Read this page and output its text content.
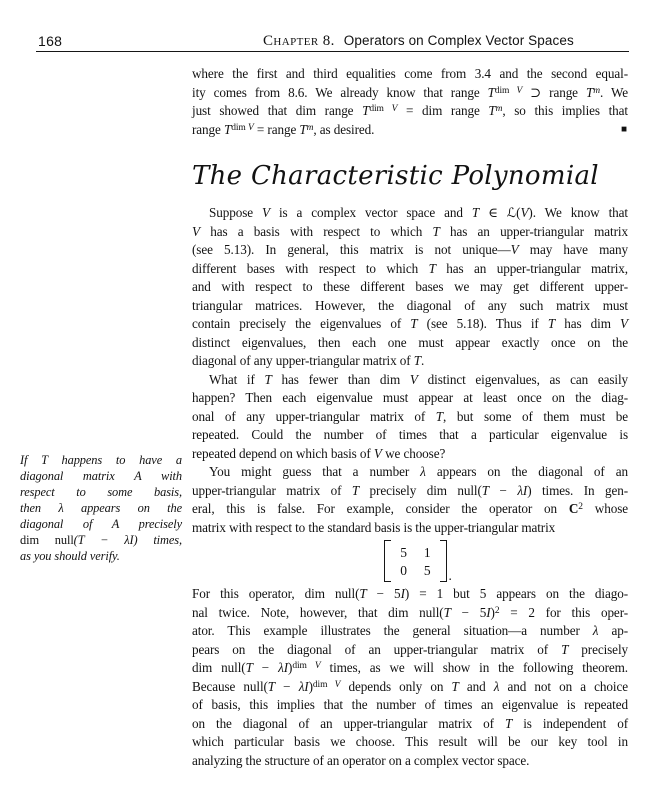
168	Chapter 8. Operators on Complex Vector Spaces
If T happens to have a
diagonal matrix A with
respect to some basis,
then λ appears on the
diagonal of A precisely
dim null(T − λI) times,
as you should verify.
where the first and third equalities come from 3.4 and the second equal-
ity comes from 8.6. We already know that range $T^{dim V}$ ⊃ range $T^m$. We
just showed that dim range $T^{dim V}$ = dim range $T^m$, so this implies that
range $T^{dim V}$ = range $T^m$, as desired.	■
The Characteristic Polynomial
Suppose V is a complex vector space and T ∈ ℒ(V). We know that
V has a basis with respect to which T has an upper-triangular matrix
(see 5.13). In general, this matrix is not unique—V may have many
different bases with respect to which T has an upper-triangular matrix,
and with respect to these different bases we may get different upper-
triangular matrices. However, the diagonal of any such matrix must
contain precisely the eigenvalues of T (see 5.18). Thus if T has dim V
distinct eigenvalues, then each one must appear exactly once on the
diagonal of any upper-triangular matrix of T.
What if T has fewer than dim V distinct eigenvalues, as can easily
happen? Then each eigenvalue must appear at least once on the diag-
onal of any upper-triangular matrix of T, but some of them must be
repeated. Could the number of times that a particular eigenvalue is
repeated depend on which basis of V we choose?
You might guess that a number λ appears on the diagonal of an
upper-triangular matrix of T precisely dim null(T − λI) times. In gen-
eral, this is false. For example, consider the operator on $C^2$ whose
matrix with respect to the standard basis is the upper-triangular matrix
5 1
0 5 .
For this operator, dim null(T − 5I) = 1 but 5 appears on the diago-
nal twice. Note, however, that dim null(T − 5I)$^2$ = 2 for this oper-
ator. This example illustrates the general situation—a number λ ap-
pears on the diagonal of an upper-triangular matrix of T precisely
dim null(T − λI)$^{dim V}$ times, as we will show in the following theorem.
Because null(T − λI)$^{dim V}$ depends only on T and λ and not on a choice
of basis, this implies that the number of times an eigenvalue is repeated
on the diagonal of an upper-triangular matrix of T is independent of
which particular basis we choose. This result will be our key tool in
analyzing the structure of an operator on a complex vector space.
